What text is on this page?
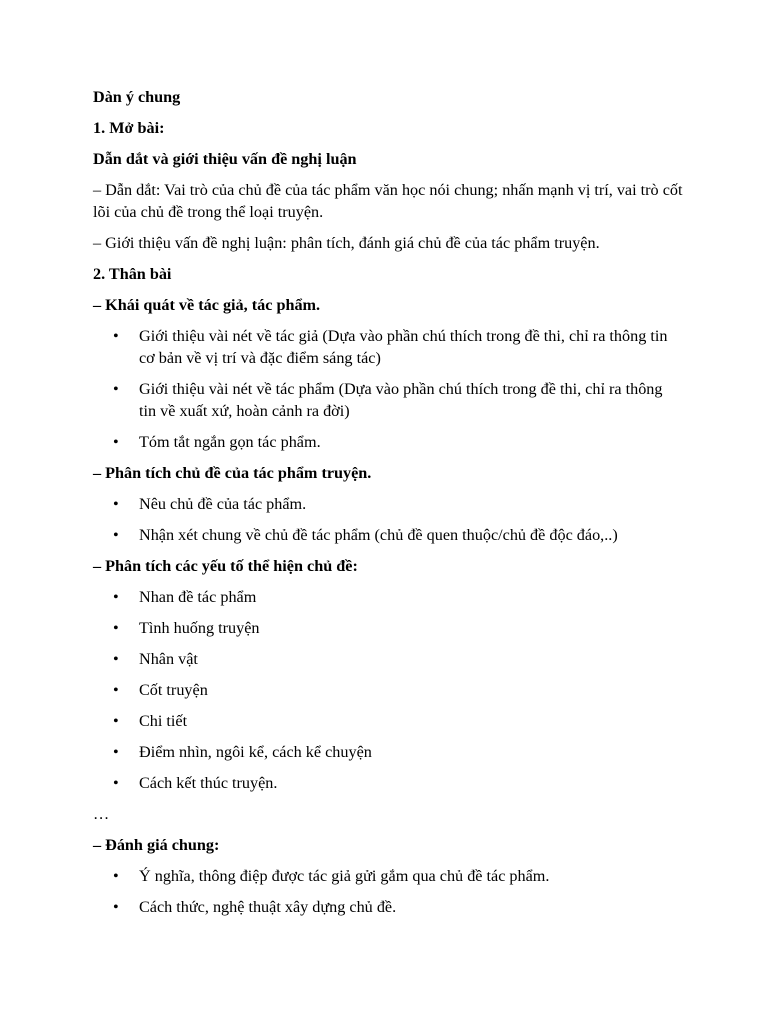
Dàn ý chung

1. Mở bài:

Dẫn dắt và giới thiệu vấn đề nghị luận

– Dẫn dắt: Vai trò của chủ đề của tác phẩm văn học nói chung; nhấn mạnh vị trí, vai trò cốt lõi của chủ đề trong thể loại truyện.

– Giới thiệu vấn đề nghị luận: phân tích, đánh giá chủ đề của tác phẩm truyện.

2. Thân bài

– Khái quát về tác giả, tác phẩm.

• Giới thiệu vài nét về tác giả (Dựa vào phần chú thích trong đề thi, chỉ ra thông tin cơ bản về vị trí và đặc điểm sáng tác)
• Giới thiệu vài nét về tác phẩm (Dựa vào phần chú thích trong đề thi, chỉ ra thông tin về xuất xứ, hoàn cảnh ra đời)
• Tóm tắt ngắn gọn tác phẩm.

– Phân tích chủ đề của tác phẩm truyện.

• Nêu chủ đề của tác phẩm.
• Nhận xét chung về chủ đề tác phẩm (chủ đề quen thuộc/chủ đề độc đáo,..)

– Phân tích các yếu tố thể hiện chủ đề:

• Nhan đề tác phẩm
• Tình huống truyện
• Nhân vật
• Cốt truyện
• Chi tiết
• Điểm nhìn, ngôi kể, cách kể chuyện
• Cách kết thúc truyện.

…

– Đánh giá chung:

• Ý nghĩa, thông điệp được tác giả gửi gắm qua chủ đề tác phẩm.
• Cách thức, nghệ thuật xây dựng chủ đề.
